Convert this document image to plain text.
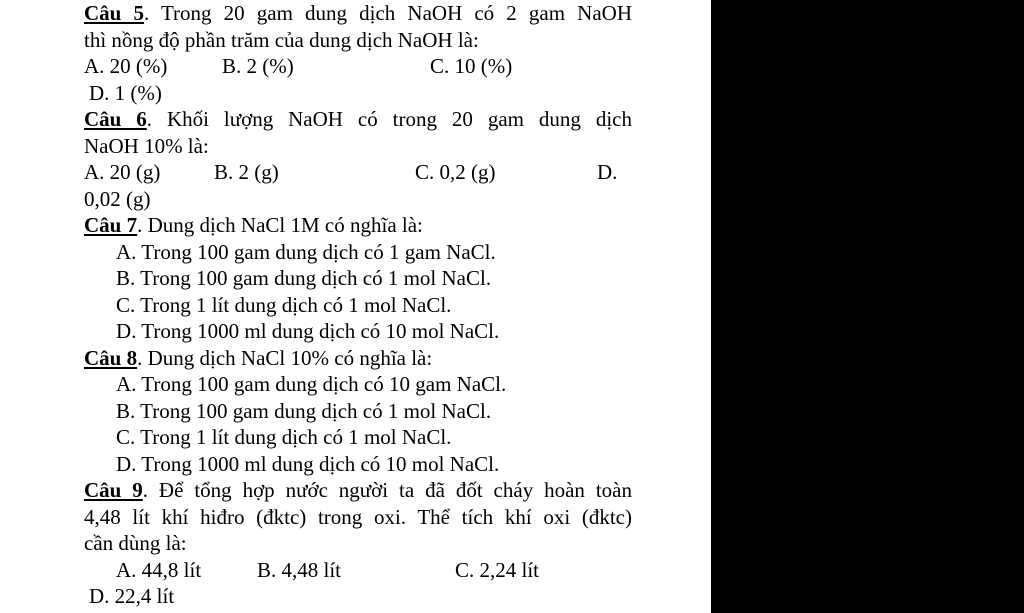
Câu 5. Trong 20 gam dung dịch NaOH có 2 gam NaOH
thì nồng độ phần trăm của dung dịch NaOH là:
A. 20 (%)	B. 2 (%)	C. 10 (%)
D. 1 (%)
Câu 6. Khối lượng NaOH có trong 20 gam dung dịch
NaOH 10% là:
A. 20 (g)	B. 2 (g)	C. 0,2 (g)	D.
0,02 (g)
Câu 7. Dung dịch NaCl 1M có nghĩa là:
A. Trong 100 gam dung dịch có 1 gam NaCl.
B. Trong 100 gam dung dịch có 1 mol NaCl.
C. Trong 1 lít dung dịch có 1 mol NaCl.
D. Trong 1000 ml dung dịch có 10 mol NaCl.
Câu 8. Dung dịch NaCl 10% có nghĩa là:
A. Trong 100 gam dung dịch có 10 gam NaCl.
B. Trong 100 gam dung dịch có 1 mol NaCl.
C. Trong 1 lít dung dịch có 1 mol NaCl.
D. Trong 1000 ml dung dịch có 10 mol NaCl.
Câu 9. Để tổng hợp nước người ta đã đốt cháy hoàn toàn
4,48 lít khí hiđro (đktc) trong oxi. Thể tích khí oxi (đktc)
cần dùng là:
A. 44,8 lít	B. 4,48 lít	C. 2,24 lít
D. 22,4 lít
